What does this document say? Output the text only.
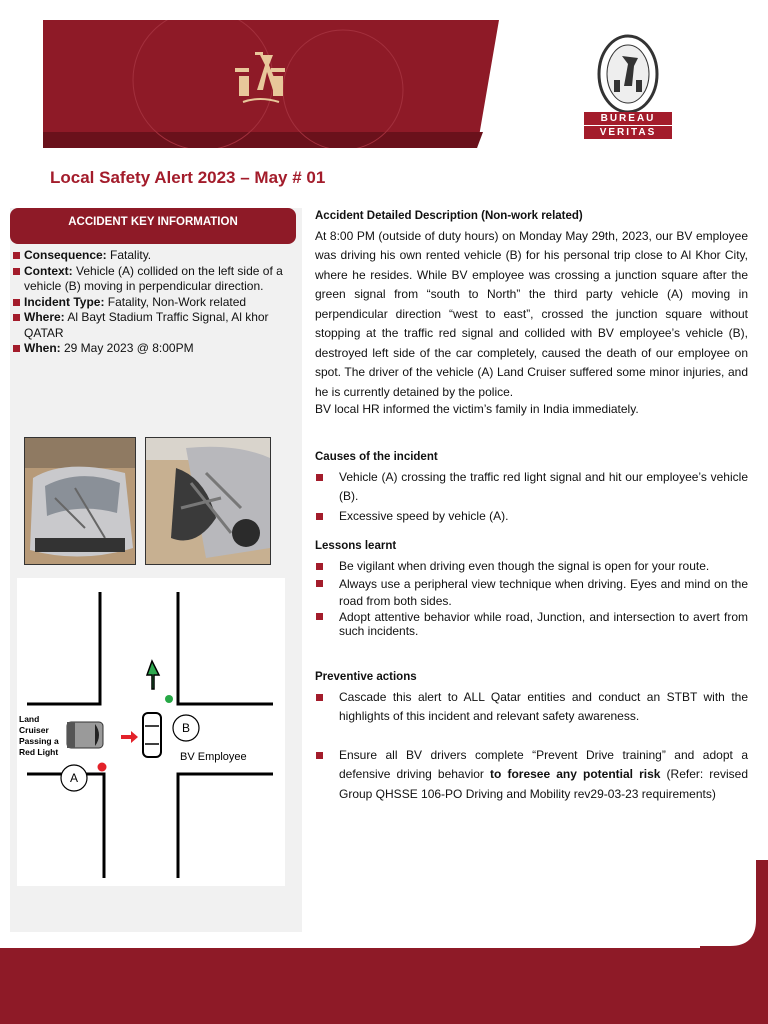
BUREAU
VERITAS
Local Safety Alert 2023 – May # 01
ACCIDENT KEY INFORMATION
Consequence: Fatality.
Context: Vehicle (A) collided on the left side of a vehicle (B) moving in perpendicular direction.
Incident Type: Fatality, Non-Work related
Where: Al Bayt Stadium Traffic Signal, Al khor QATAR
When: 29 May 2023 @ 8:00PM
B
A
BV Employee
Land
Cruiser
Passing a
Red Light
Accident Detailed Description (Non-work related)
At 8:00 PM (outside of duty hours) on Monday May 29th, 2023, our BV employee was driving his own rented vehicle (B) for his personal trip close to Al Khor City, where he resides. While BV employee was crossing a junction square after the green signal from “south to North” the third party vehicle (A) moving in perpendicular direction “west to east”, crossed the junction square without stopping at the traffic red signal and collided with BV employee’s vehicle (B), destroyed left side of the car completely, caused the death of our employee on spot. The driver of the vehicle (A) Land Cruiser suffered some minor injuries, and he is currently detained by the police.
BV local HR informed the victim’s family in India immediately.
Causes of the incident
Vehicle (A) crossing the traffic red light signal and hit our employee’s vehicle (B).
Excessive speed by vehicle (A).
Lessons learnt
Be vigilant when driving even though the signal is open for your route.
Always use a peripheral view technique when driving. Eyes and mind on the road from both sides.
Adopt attentive behavior while road, Junction, and intersection to avert from such incidents.
Preventive actions
Cascade this alert to ALL Qatar entities and conduct an STBT with the highlights of this incident and relevant safety awareness.
Ensure all BV drivers complete “Prevent Drive training” and adopt a defensive driving behavior to foresee any potential risk (Refer: revised Group QHSSE 106-PO Driving and Mobility rev29-03-23 requirements)
